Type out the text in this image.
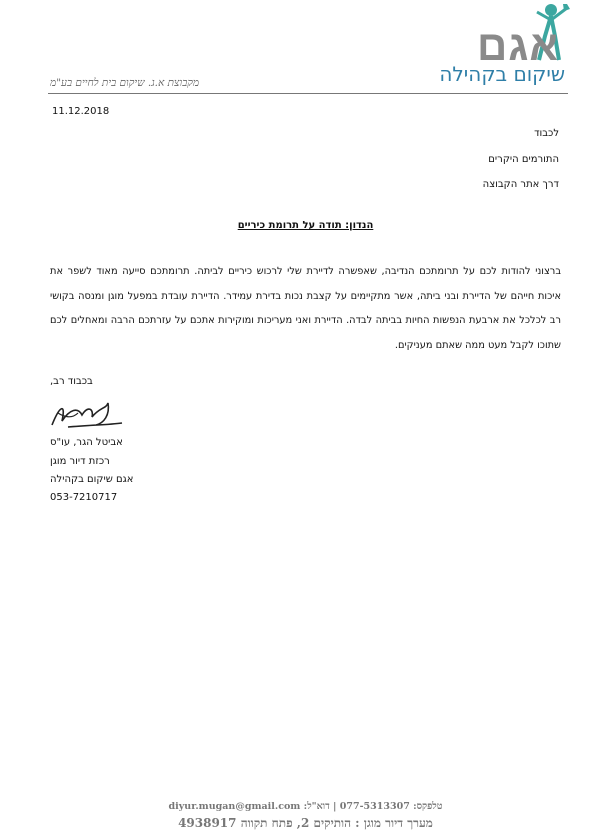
אגם
שיקום בקהילה
מקבוצת א.ג. שיקום בית לחיים בע"מ
11.12.2018
לכבוד
התורמים היקרים
דרך אתר הקבוצה
הנדון: תודה על תרומת כיריים
ברצוני להודות לכם על תרומתכם הנדיבה, שאפשרה לדיירת שלי לרכוש כיריים לביתה. תרומתכם סייעה מאוד לשפר את איכות חייהם של הדיירת ובני ביתה, אשר מתקיימים על קצבת נכות בדירת עמידר. הדיירת עובדת במפעל מוגן ומנסה בקושי רב לכלכל את ארבעת הנפשות החיות בביתה לבדה. הדיירת ואני מעריכות ומוקירות אתכם על עזרתכם הרבה ומאחלים לכם שתוכו לקבל מעט ממה שאתם מעניקים.
בכבוד רב,
אביטל הגר, עו"ס
רכזת דיור מוגן
אגם שיקום בקהילה
053-7210717
טלפקס: 077-5313307 | דוא"ל: diyur.mugan@gmail.com
מערך דיור מוגן : הותיקים 2, פתח תקווה 4938917
